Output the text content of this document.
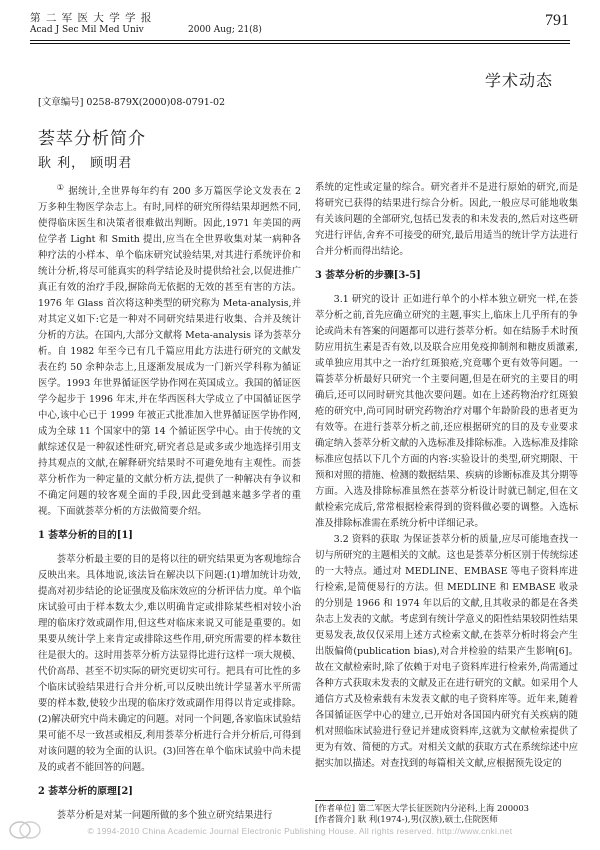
第 二 军 医 大 学 学 报
Acad J Sec Mil Med Univ	2000 Aug; 21(8)
791
学术动态
[文章编号] 0258-879X(2000)08-0791-02
荟萃分析简介
耿 利， 顾明君

① 据统计,全世界每年约有 200 多万篇医学论文发表在 2 万多种生物医学杂志上。有时,同样的研究所得结果却迥然不同,使得临床医生和决策者很难做出判断。因此,1971 年美国的两位学者 Light 和 Smith 提出,应当在全世界收集对某一病种各种疗法的小样本、单个临床研究试验结果,对其进行系统评价和统计分析,将尽可能真实的科学结论及时提供给社会,以促进推广真正有效的治疗手段,摒除尚无依据的无效的甚至有害的方法。1976 年 Glass 首次将这种类型的研究称为 Meta-analysis,并对其定义如下:它是一种对不同研究结果进行收集、合并及统计分析的方法。在国内,大部分文献将 Meta-analysis 译为荟萃分析。自 1982 年至今已有几千篇应用此方法进行研究的文献发表在约 50 余种杂志上,且逐渐发展成为一门新兴学科称为循证医学。1993 年世界循证医学协作网在英国成立。我国的循证医学今起步于 1996 年末,并在华西医科大学成立了中国循证医学中心,该中心已于 1999 年被正式批准加入世界循证医学协作网,成为全球 11 个国家中的第 14 个循证医学中心。由于传统的文献综述仅是一种叙述性研究,研究者总是或多或少地选择引用支持其观点的文献,在解释研究结果时不可避免地有主观性。而荟萃分析作为一种定量的文献分析方法,提供了一种解决有争议和不确定问题的较客观全面的手段,因此受到越来越多学者的重视。下面就荟萃分析的方法做简要介绍。

1 荟萃分析的目的[1]

荟萃分析最主要的目的是将以往的研究结果更为客观地综合反映出来。具体地说,该法旨在解决以下问题:(1)增加统计功效,提高对初步结论的论证强度及临床效应的分析评估力度。单个临床试验可由于样本数太少,难以明确肯定或排除某些相对较小治理的临床疗效或副作用,但这些对临床来说又可能是重要的。如果要从统计学上来肯定或排除这些作用,研究所需要的样本数往往是很大的。这时用荟萃分析方法显得比进行这样一项大规模、代价高昂、甚至不切实际的研究更切实可行。把具有可比性的多个临床试验结果进行合并分析,可以反映出统计学显著水平所需要的样本数,使较少出现的临床疗效或副作用得以肯定或排除。(2)解决研究中尚未确定的问题。对同一个问题,各家临床试验结果可能不尽一致甚或相反,利用荟萃分析进行合并分析后,可得到对该问题的较为全面的认识。(3)回答在单个临床试验中尚未提及的或者不能回答的问题。

2 荟萃分析的原理[2]

荟萃分析是对某一问题所做的多个独立研究结果进行

系统的定性或定量的综合。研究者并不是进行原始的研究,而是将研究已获得的结果进行综合分析。因此,一般应尽可能地收集有关该问题的全部研究,包括已发表的和未发表的,然后对这些研究进行评估,舍弃不可接受的研究,最后用适当的统计学方法进行合并分析而得出结论。

3 荟萃分析的步骤[3-5]

3.1 研究的设计 正如进行单个的小样本独立研究一样,在荟萃分析之前,首先应确立研究的主题,事实上,临床上几乎所有的争论或尚未有答案的问题都可以进行荟萃分析。如在结肠手术时预防应用抗生素是否有效,以及联合应用免疫抑制剂和糖皮质激素,或单独应用其中之一治疗红斑狼疮,究竟哪个更有效等问题。一篇荟萃分析最好只研究一个主要问题,但是在研究的主要目的明确后,还可以同时研究其他次要问题。如在上述药物治疗红斑狼疮的研究中,尚可同时研究药物治疗对哪个年龄阶段的患者更为有效等。在进行荟萃分析之前,还应根据研究的目的及专业要求确定纳入荟萃分析文献的入选标准及排除标准。入选标准及排除标准应包括以下几个方面的内容:实验设计的类型,研究期限、干预和对照的措施、检测的数据结果、疾病的诊断标准及其分期等方面。入选及排除标准虽然在荟萃分析设计时就已制定,但在文献检索完成后,常常根据检索得到的资料做必要的调整。入选标准及排除标准需在系统分析中详细记录。

3.2 资料的获取 为保证荟萃分析的质量,应尽可能地查找一切与所研究的主题相关的文献。这也是荟萃分析区别于传统综述的一大特点。通过对 MEDLINE、EMBASE 等电子资料库进行检索,是简便易行的方法。但 MEDLINE 和 EMBASE 收录的分别是 1966 和 1974 年以后的文献,且其收录的都是在各类杂志上发表的文献。考虑到有统计学意义的阳性结果较阴性结果更易发表,故仅仅采用上述方式检索文献,在荟萃分析时将会产生出版偏倚(publication bias),对合并检验的结果产生影响[6]。故在文献检索时,除了依赖于对电子资料库进行检索外,尚需通过各种方式获取未发表的文献及正在进行研究的文献。如采用个人通信方式及检索载有未发表文献的电子资料库等。近年来,随着各国循证医学中心的建立,已开始对各国国内研究有关疾病的随机对照临床试验进行登记并建成资料库,这就为文献检索提供了更为有效、简便的方式。对相关文献的获取方式在系统综述中应据实加以描述。对查找到的每篇相关文献,应根据预先设定的

[作者单位] 第二军医大学长征医院内分泌科,上海 200003
[作者简介] 耿 利(1974-),男(汉族),硕士,住院医师
© 1994-2010 China Academic Journal Electronic Publishing House. All rights reserved. http://www.cnki.net
